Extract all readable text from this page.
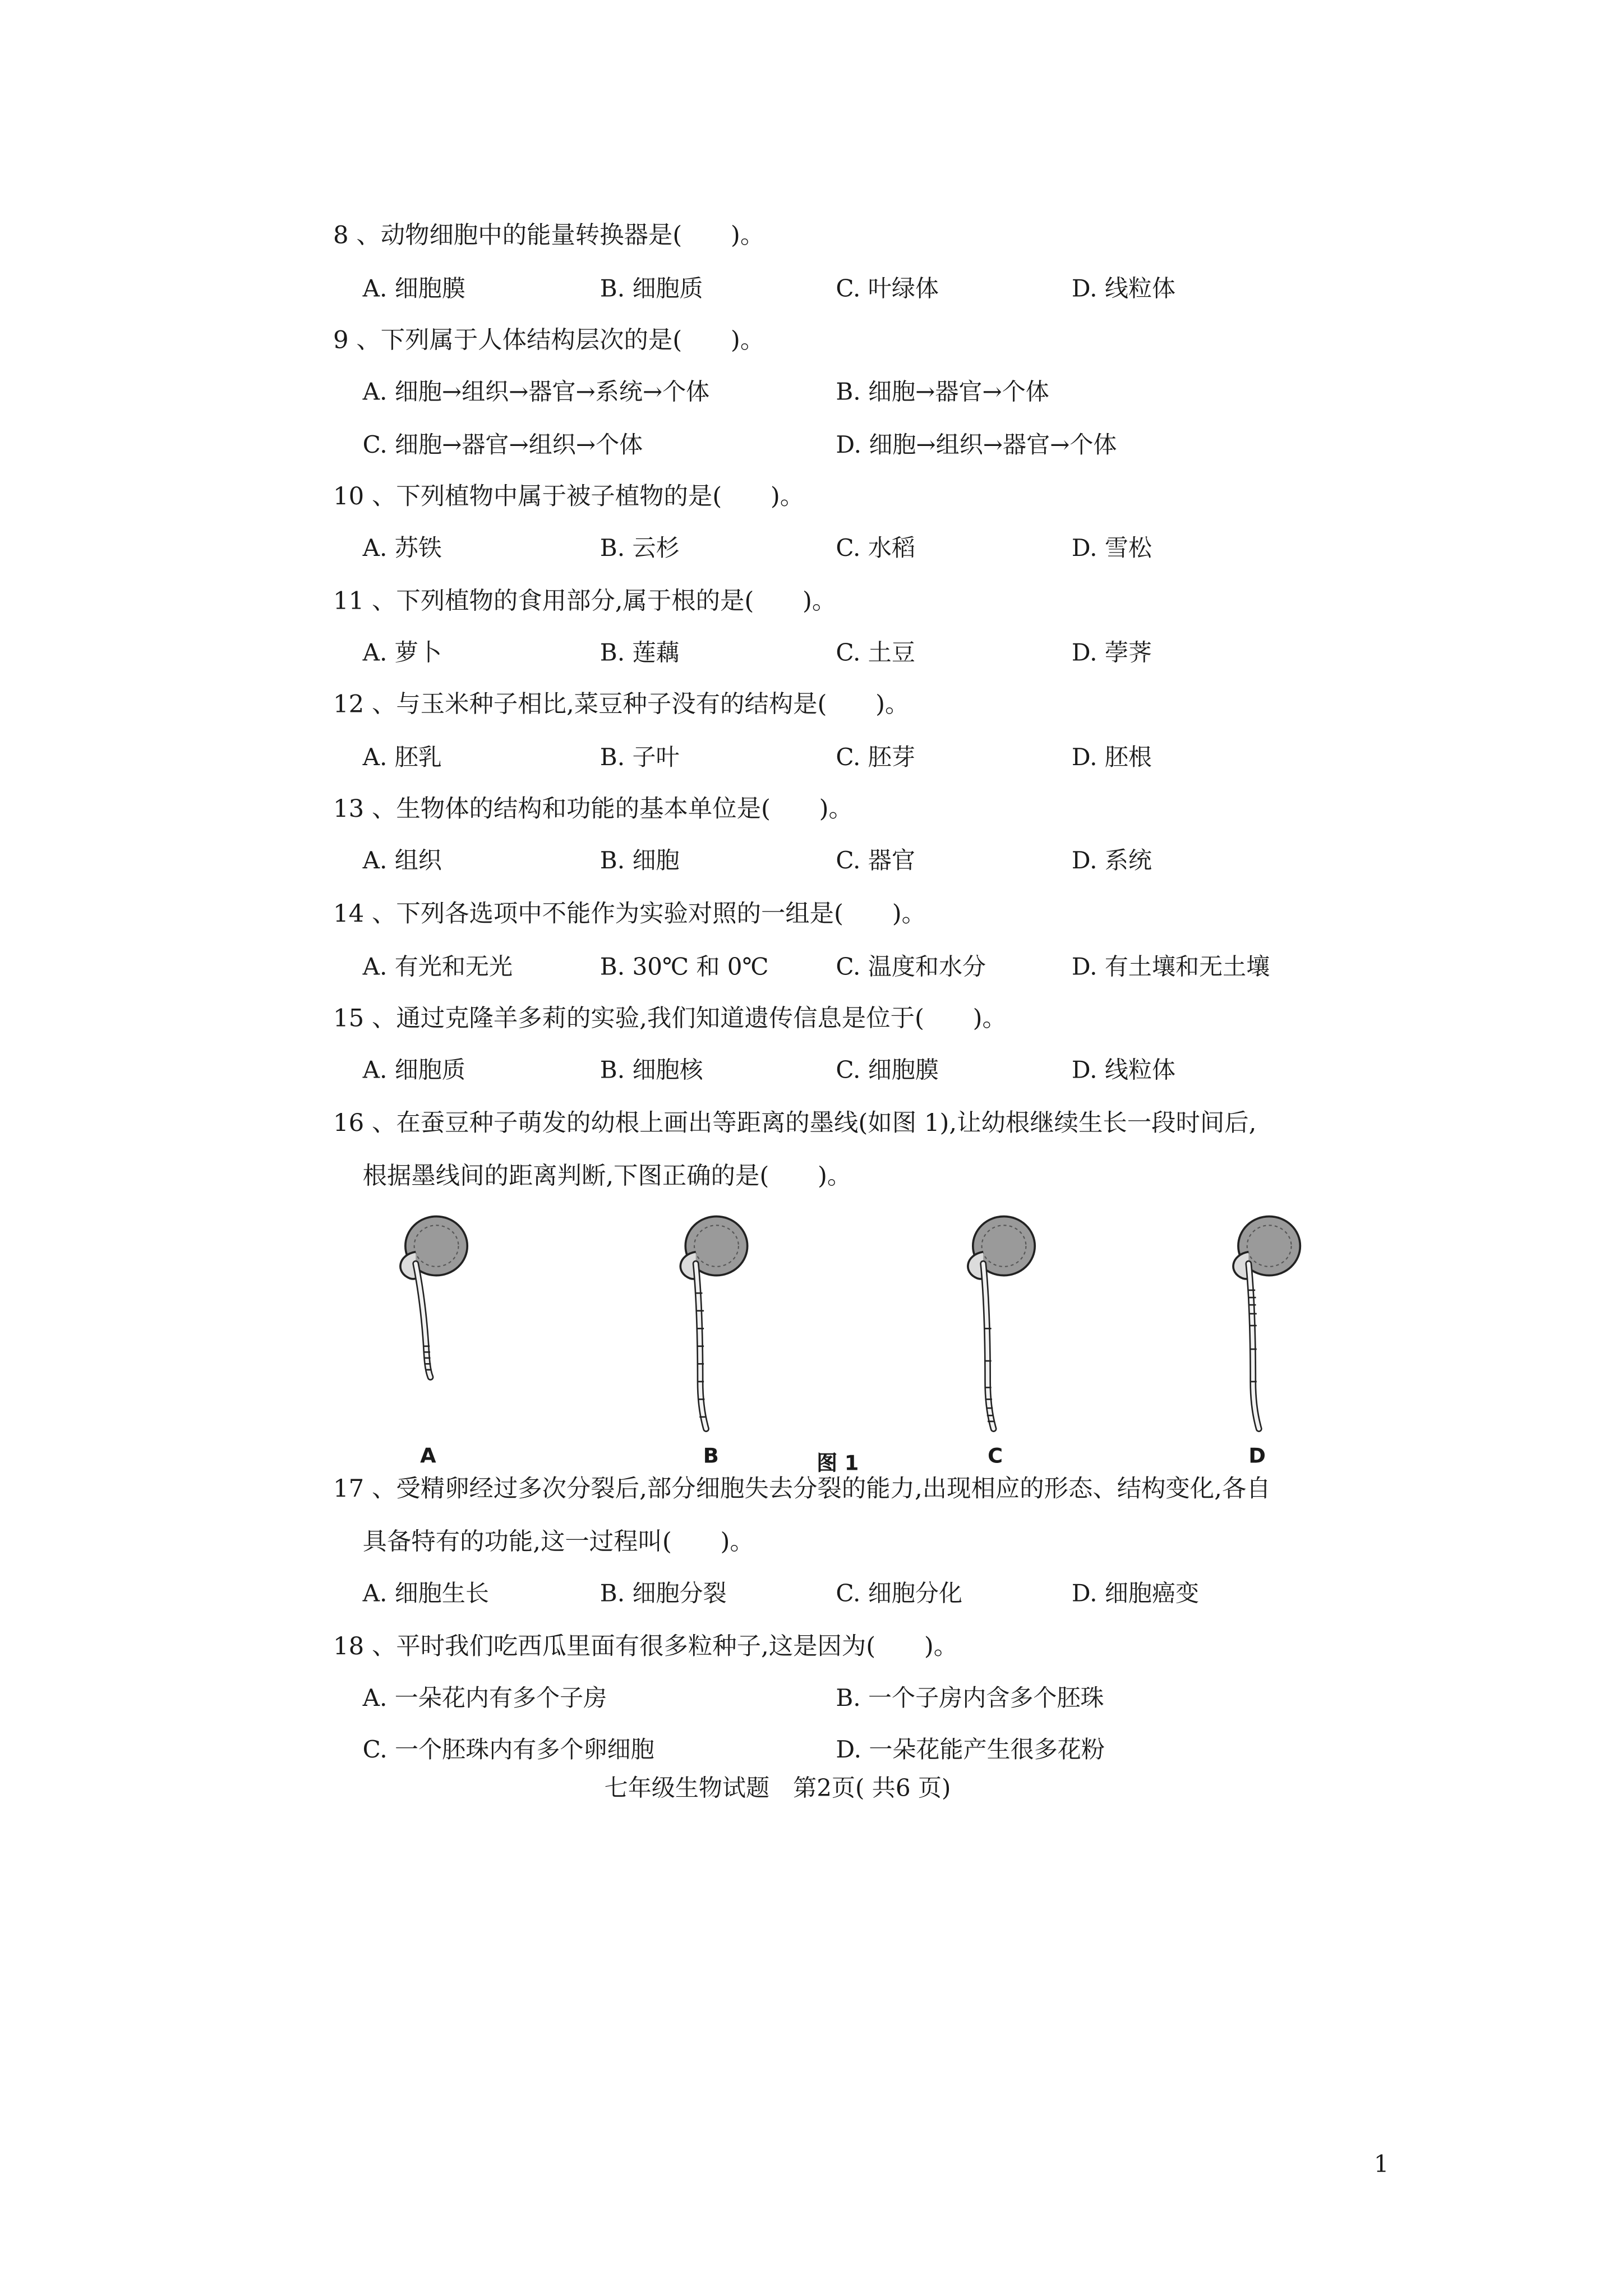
8 、动物细胞中的能量转换器是(　　)。
A. 细胞膜	B. 细胞质	C. 叶绿体	D. 线粒体
9 、下列属于人体结构层次的是(　　)。
A. 细胞→组织→器官→系统→个体	B. 细胞→器官→个体
C. 细胞→器官→组织→个体	D. 细胞→组织→器官→个体
10 、下列植物中属于被子植物的是(　　)。
A. 苏铁	B. 云杉	C. 水稻	D. 雪松
11 、下列植物的食用部分,属于根的是(　　)。
A. 萝卜	B. 莲藕	C. 土豆	D. 荸荠
12 、与玉米种子相比,菜豆种子没有的结构是(　　)。
A. 胚乳	B. 子叶	C. 胚芽	D. 胚根
13 、生物体的结构和功能的基本单位是(　　)。
A. 组织	B. 细胞	C. 器官	D. 系统
14 、下列各选项中不能作为实验对照的一组是(　　)。
A. 有光和无光	B. 30℃ 和 0℃	C. 温度和水分	D. 有土壤和无土壤
15 、通过克隆羊多莉的实验,我们知道遗传信息是位于(　　)。
A. 细胞质	B. 细胞核	C. 细胞膜	D. 线粒体
16 、在蚕豆种子萌发的幼根上画出等距离的墨线(如图 1),让幼根继续生长一段时间后,
根据墨线间的距离判断,下图正确的是(　　)。
A	B	图 1	C	D
17 、受精卵经过多次分裂后,部分细胞失去分裂的能力,出现相应的形态、结构变化,各自
具备特有的功能,这一过程叫(　　)。
A. 细胞生长	B. 细胞分裂	C. 细胞分化	D. 细胞癌变
18 、平时我们吃西瓜里面有很多粒种子,这是因为(　　)。
A. 一朵花内有多个子房	B. 一个子房内含多个胚珠
C. 一个胚珠内有多个卵细胞	D. 一朵花能产生很多花粉
七年级生物试题　第2页( 共6 页)
1
